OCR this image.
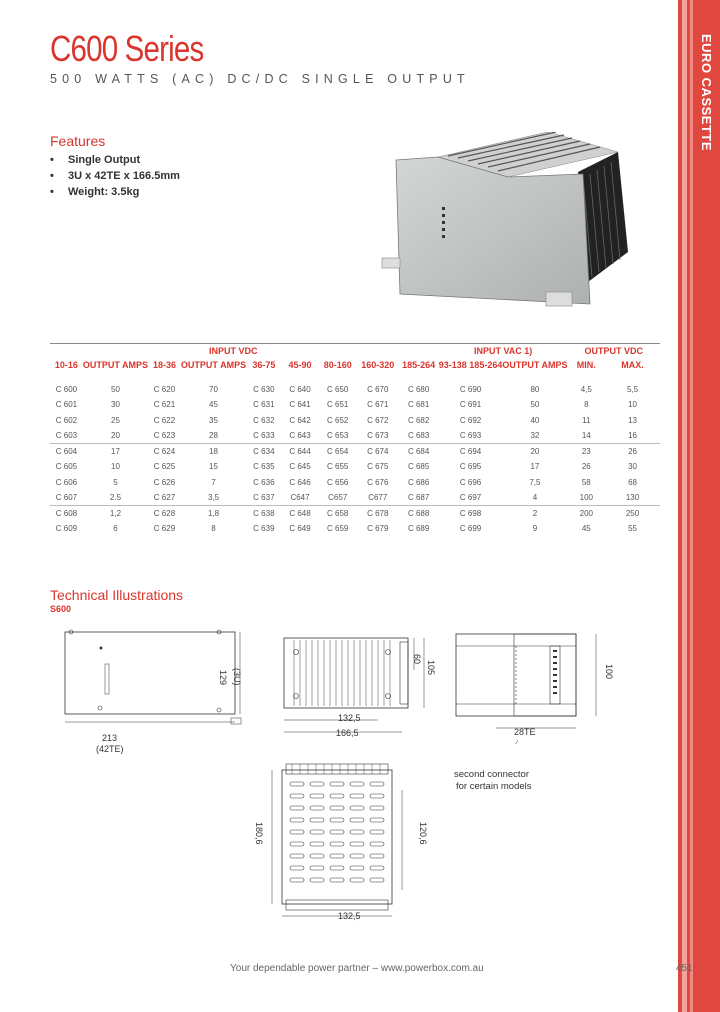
EURO CASSETTE
C600 Series
500 WATTS (AC) DC/DC SINGLE OUTPUT
Features
• Single Output
• 3U x 42TE x 166.5mm
• Weight: 3.5kg
		INPUT VDC							INPUT VAC 1)		OUTPUT VDC	
10-16	OUTPUT AMPS	18-36	OUTPUT AMPS	36-75	45-90	80-160	160-320	185-264	93-138 185-264	OUTPUT AMPS	MIN.	MAX.
C 600	50	C 620	70	C 630	C 640	C 650	C 670	C 680	C 690	80	4,5	5,5
C 601	30	C 621	45	C 631	C 641	C 651	C 671	C 681	C 691	50	8	10
C 602	25	C 622	35	C 632	C 642	C 652	C 672	C 682	C 692	40	11	13
C 603	20	C 623	28	C 633	C 643	C 653	C 673	C 683	C 693	32	14	16
C 604	17	C 624	18	C 634	C 644	C 654	C 674	C 684	C 694	20	23	26
C 605	10	C 625	15	C 635	C 645	C 655	C 675	C 685	C 695	17	26	30
C 606	5	C 626	7	C 636	C 646	C 656	C 676	C 686	C 696	7,5	58	68
C 607	2.5	C 627	3,5	C 637	C647	C657	C677	C 687	C 697	4	100	130
C 608	1,2	C 628	1,8	C 638	C 648	C 658	C 678	C 688	C 698	2	200	250
C 609	6	C 629	8	C 639	C 649	C 659	C 679	C 689	C 699	9	45	55
Technical Illustrations
S600
213
(42TE)
129 (3U)
132,5
166,5
60
105
28TE
100
second connector
for certain models
180,6	120,6
132,5
Your dependable power partner – www.powerbox.com.au	451
